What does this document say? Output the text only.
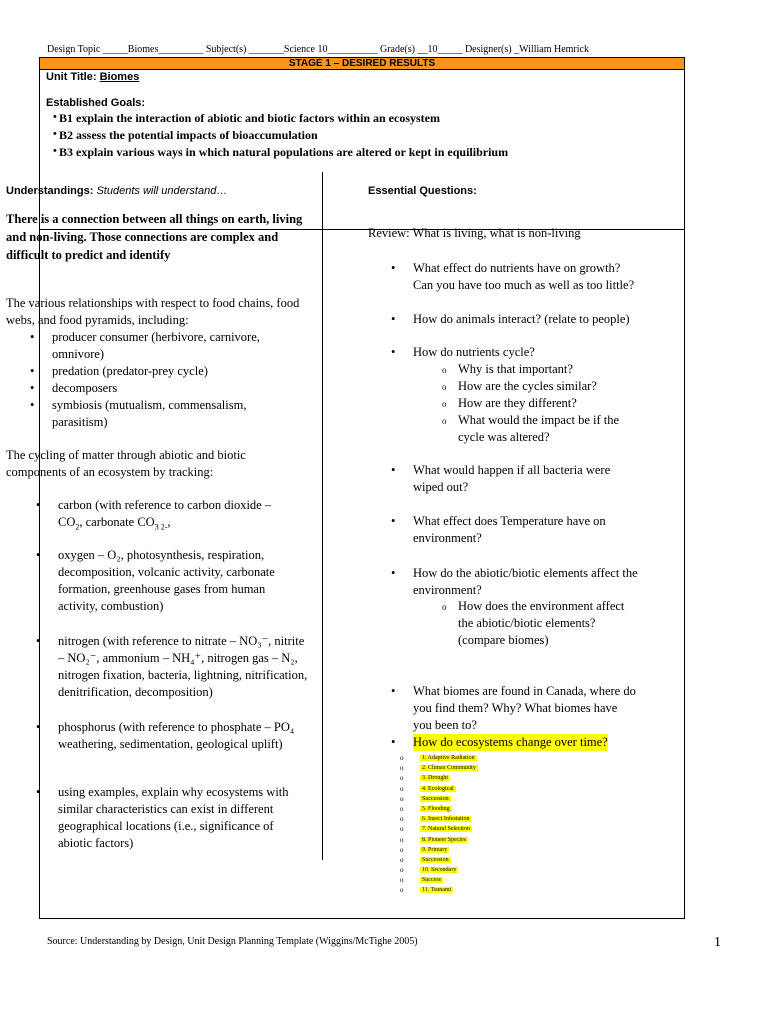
Design Topic _____Biomes_________ Subject(s) _______Science 10__________ Grade(s) __10_____ Designer(s) _William Hemrick
STAGE 1 – DESIRED RESULTS
Unit Title: Biomes
Established Goals:
• B1 explain the interaction of abiotic and biotic factors within an ecosystem
• B2 assess the potential impacts of bioaccumulation
• B3 explain various ways in which natural populations are altered or kept in equilibrium
Understandings: Students will understand…
There is a connection between all things on earth, living and non-living. Those connections are complex and difficult to predict and identify
The various relationships with respect to food chains, food webs, and food pyramids, including:
• producer consumer (herbivore, carnivore, omnivore)
• predation (predator-prey cycle)
• decomposers
• symbiosis (mutualism, commensalism, parasitism)
The cycling of matter through abiotic and biotic components of an ecosystem by tracking:
• carbon (with reference to carbon dioxide –
$CO_2$, carbonate $CO_{3 2-}$,
• oxygen – O₂, photosynthesis, respiration, decomposition, volcanic activity, carbonate formation, greenhouse gases from human activity, combustion)
• nitrogen (with reference to nitrate – NO₃⁻, nitrite – NO₂⁻, ammonium – NH₄⁺, nitrogen gas – N₂, nitrogen fixation, bacteria, lightning, nitrification, denitrification, decomposition)
• phosphorus (with reference to phosphate – PO₄ weathering, sedimentation, geological uplift)
• using examples, explain why ecosystems with similar characteristics can exist in different geographical locations (i.e., significance of abiotic factors)
Essential Questions:
Review: What is living, what is non-living
• What effect do nutrients have on growth? Can you have too much as well as too little?
• How do animals interact? (relate to people)
• How do nutrients cycle?
o Why is that important?
o How are the cycles similar?
o How are they different?
o What would the impact be if the cycle was altered?
• What would happen if all bacteria were wiped out?
• What effect does Temperature have on environment?
• How do the abiotic/biotic elements affect the environment?
o How does the environment affect the abiotic/biotic elements? (compare biomes)
• What biomes are found in Canada, where do you find them? Why? What biomes have you been to?
• How do ecosystems change over time?
o	1. Adaptive Radiation
o	2. Climax Community
o	3. Drought
o	4. Ecological
o	Succession
o	5. Flooding
o	6. Insect Infestation
o	7. Natural Selection
o	8. Pioneer Species
o	9. Primary
o	Succession
o	10. Secondary
o	Success
o	11. Tsunami
Source: Understanding by Design, Unit Design Planning Template (Wiggins/McTighe 2005)	1
